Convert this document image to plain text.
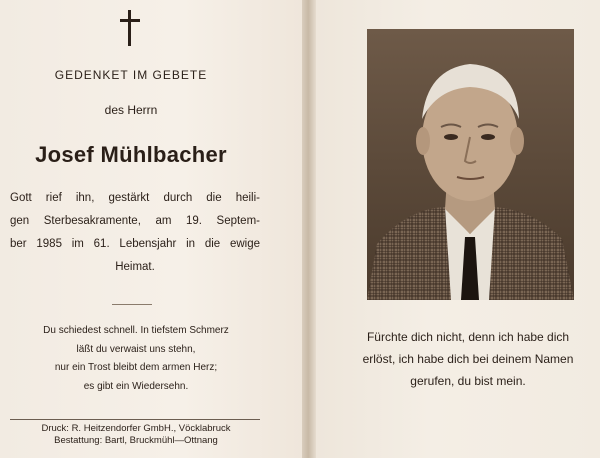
GEDENKET IM GEBETE
des Herrn
Josef Mühlbacher
Gott rief ihn, gestärkt durch die heili-
gen Sterbesakramente, am 19. Septem-
ber 1985 im 61. Lebensjahr in die ewige
Heimat.
Du schiedest schnell. In tiefstem Schmerz
läßt du verwaist uns stehn,
nur ein Trost bleibt dem armen Herz;
es gibt ein Wiedersehn.
Druck: R. Heitzendorfer GmbH., Vöcklabruck
Bestattung: Bartl, Bruckmühl—Ottnang
Fürchte dich nicht, denn ich habe dich
erlöst, ich habe dich bei deinem Namen
gerufen, du bist mein.
